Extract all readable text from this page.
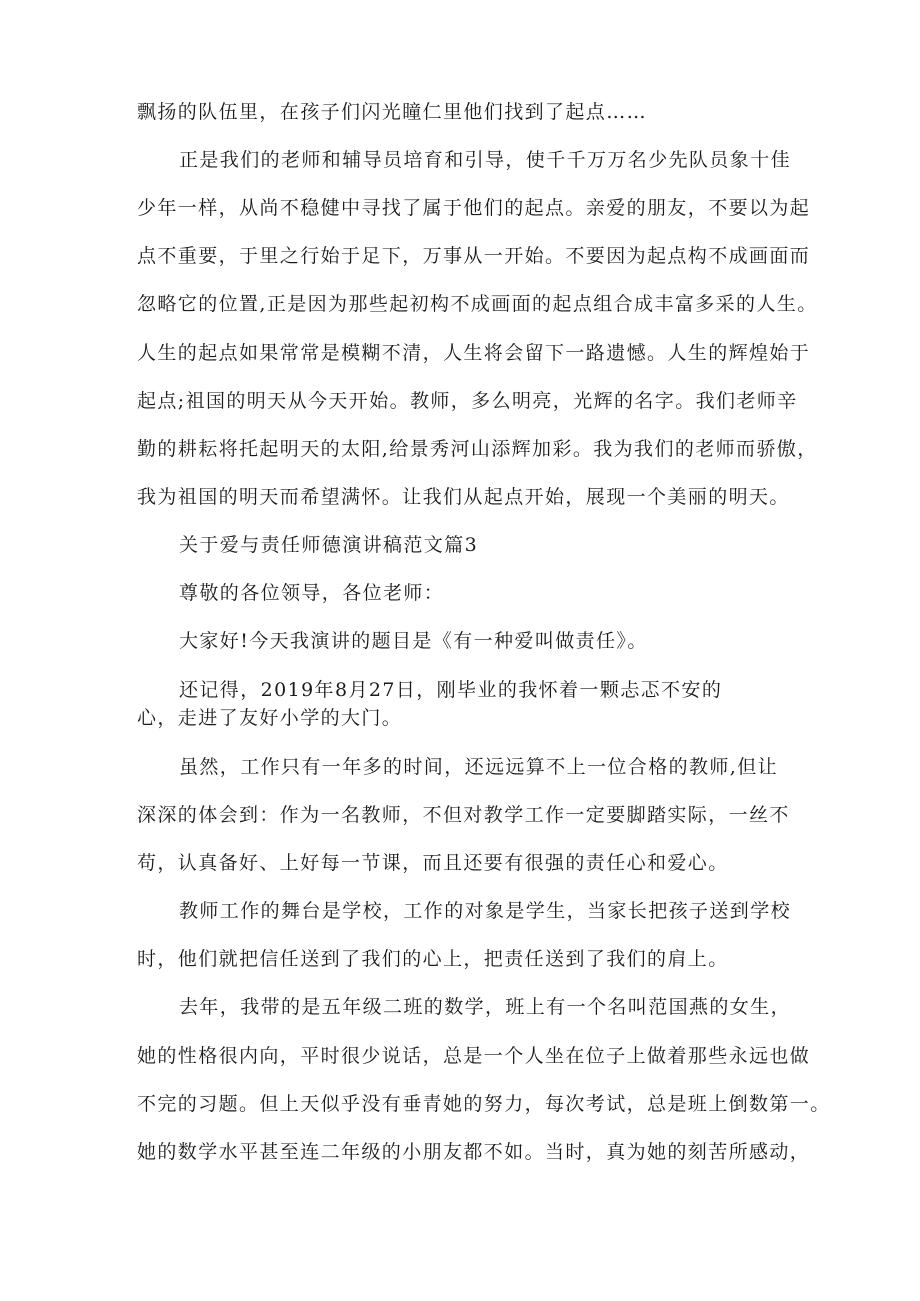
飘扬的队伍里，在孩子们闪光瞳仁里他们找到了起点……
正是我们的老师和辅导员培育和引导，使千千万万名少先队员象十佳
少年一样，从尚不稳健中寻找了属于他们的起点。亲爱的朋友，不要以为起
点不重要，于里之行始于足下，万事从一开始。不要因为起点构不成画面而
忽略它的位置,正是因为那些起初构不成画面的起点组合成丰富多采的人生。
人生的起点如果常常是模糊不清，人生将会留下一路遗憾。人生的辉煌始于
起点;祖国的明天从今天开始。教师，多么明亮，光辉的名字。我们老师辛
勤的耕耘将托起明天的太阳,给景秀河山添辉加彩。我为我们的老师而骄傲，
我为祖国的明天而希望满怀。让我们从起点开始，展现一个美丽的明天。
关于爱与责任师德演讲稿范文篇3
尊敬的各位领导，各位老师：
大家好!今天我演讲的题目是《有一种爱叫做责任》。
还记得，2019年8月27日，刚毕业的我怀着一颗忐忑不安的
心，走进了友好小学的大门。
虽然，工作只有一年多的时间，还远远算不上一位合格的教师,但让
深深的体会到：作为一名教师，不但对教学工作一定要脚踏实际，一丝不
苟，认真备好、上好每一节课，而且还要有很强的责任心和爱心。
教师工作的舞台是学校，工作的对象是学生，当家长把孩子送到学校
时，他们就把信任送到了我们的心上，把责任送到了我们的肩上。
去年，我带的是五年级二班的数学，班上有一个名叫范国燕的女生，
她的性格很内向，平时很少说话，总是一个人坐在位子上做着那些永远也做
不完的习题。但上天似乎没有垂青她的努力，每次考试，总是班上倒数第一。
她的数学水平甚至连二年级的小朋友都不如。当时，真为她的刻苦所感动，
